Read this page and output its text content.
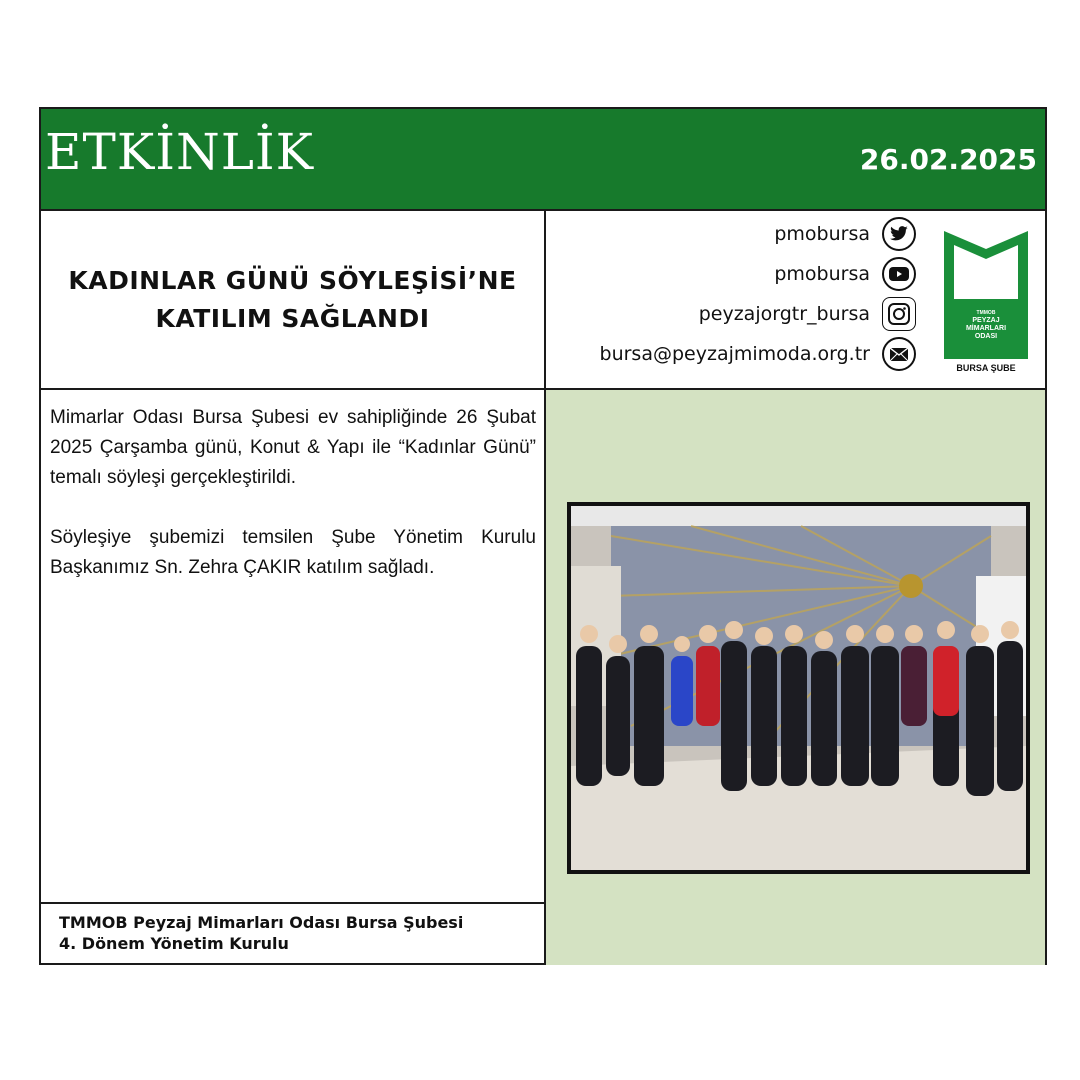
ETKİNLİK	26.02.2025
KADINLAR GÜNÜ SÖYLEŞİSİ’NE
KATILIM SAĞLANDI
pmobursa
pmobursa
peyzajorgtr_bursa
bursa@peyzajmimoda.org.tr
TMMOB
PEYZAJ
MİMARLARI
ODASI
BURSA ŞUBE

Mimarlar Odası Bursa Şubesi ev sahipliğinde 26 Şubat 2025 Çarşamba günü, Konut & Yapı ile “Kadınlar Günü” temalı söyleşi gerçekleştirildi.

Söyleşiye şubemizi temsilen Şube Yönetim Kurulu Başkanımız Sn. Zehra ÇAKIR katılım sağladı.

TMMOB Peyzaj Mimarları Odası Bursa Şubesi
4. Dönem Yönetim Kurulu
